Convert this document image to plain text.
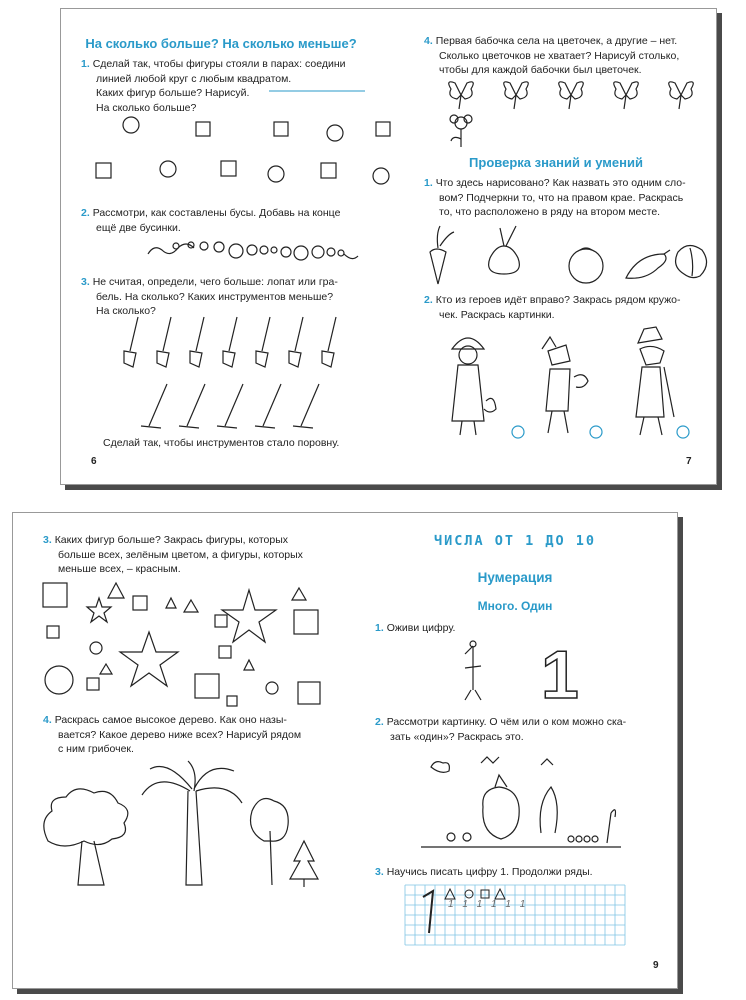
На сколько больше? На сколько меньше?
1. Сделай так, чтобы фигуры стояли в парах: соедини
линией любой круг с любым квадратом.
Каких фигур больше? Нарисуй.
На сколько больше?
2. Рассмотри, как составлены бусы. Добавь на конце
ещё две бусинки.
3. Не считая, определи, чего больше: лопат или гра-
бель. На сколько? Каких инструментов меньше?
На сколько?
Сделай так, чтобы инструментов стало поровну.
6
4. Первая бабочка села на цветочек, а другие – нет.
Сколько цветочков не хватает? Нарисуй столько,
чтобы для каждой бабочки был цветочек.
Проверка знаний и умений
1. Что здесь нарисовано? Как назвать это одним сло-
вом? Подчеркни то, что на правом крае. Раскрась
то, что расположено в ряду на втором месте.
2. Кто из героев идёт вправо? Закрась рядом кружо-
чек. Раскрась картинки.
7
3. Каких фигур больше? Закрась фигуры, которых
больше всех, зелёным цветом, а фигуры, которых
меньше всех, – красным.
4. Раскрась самое высокое дерево. Как оно назы-
вается? Какое дерево ниже всех? Нарисуй рядом
с ним грибочек.
ЧИСЛА ОТ 1 ДО 10
Нумерация
Много. Один
1. Оживи цифру.
1
2. Рассмотри картинку. О чём или о ком можно ска-
зать «один»? Раскрась это.
3. Научись писать цифру 1. Продолжи ряды.
1 1 1 1 1 1
9
